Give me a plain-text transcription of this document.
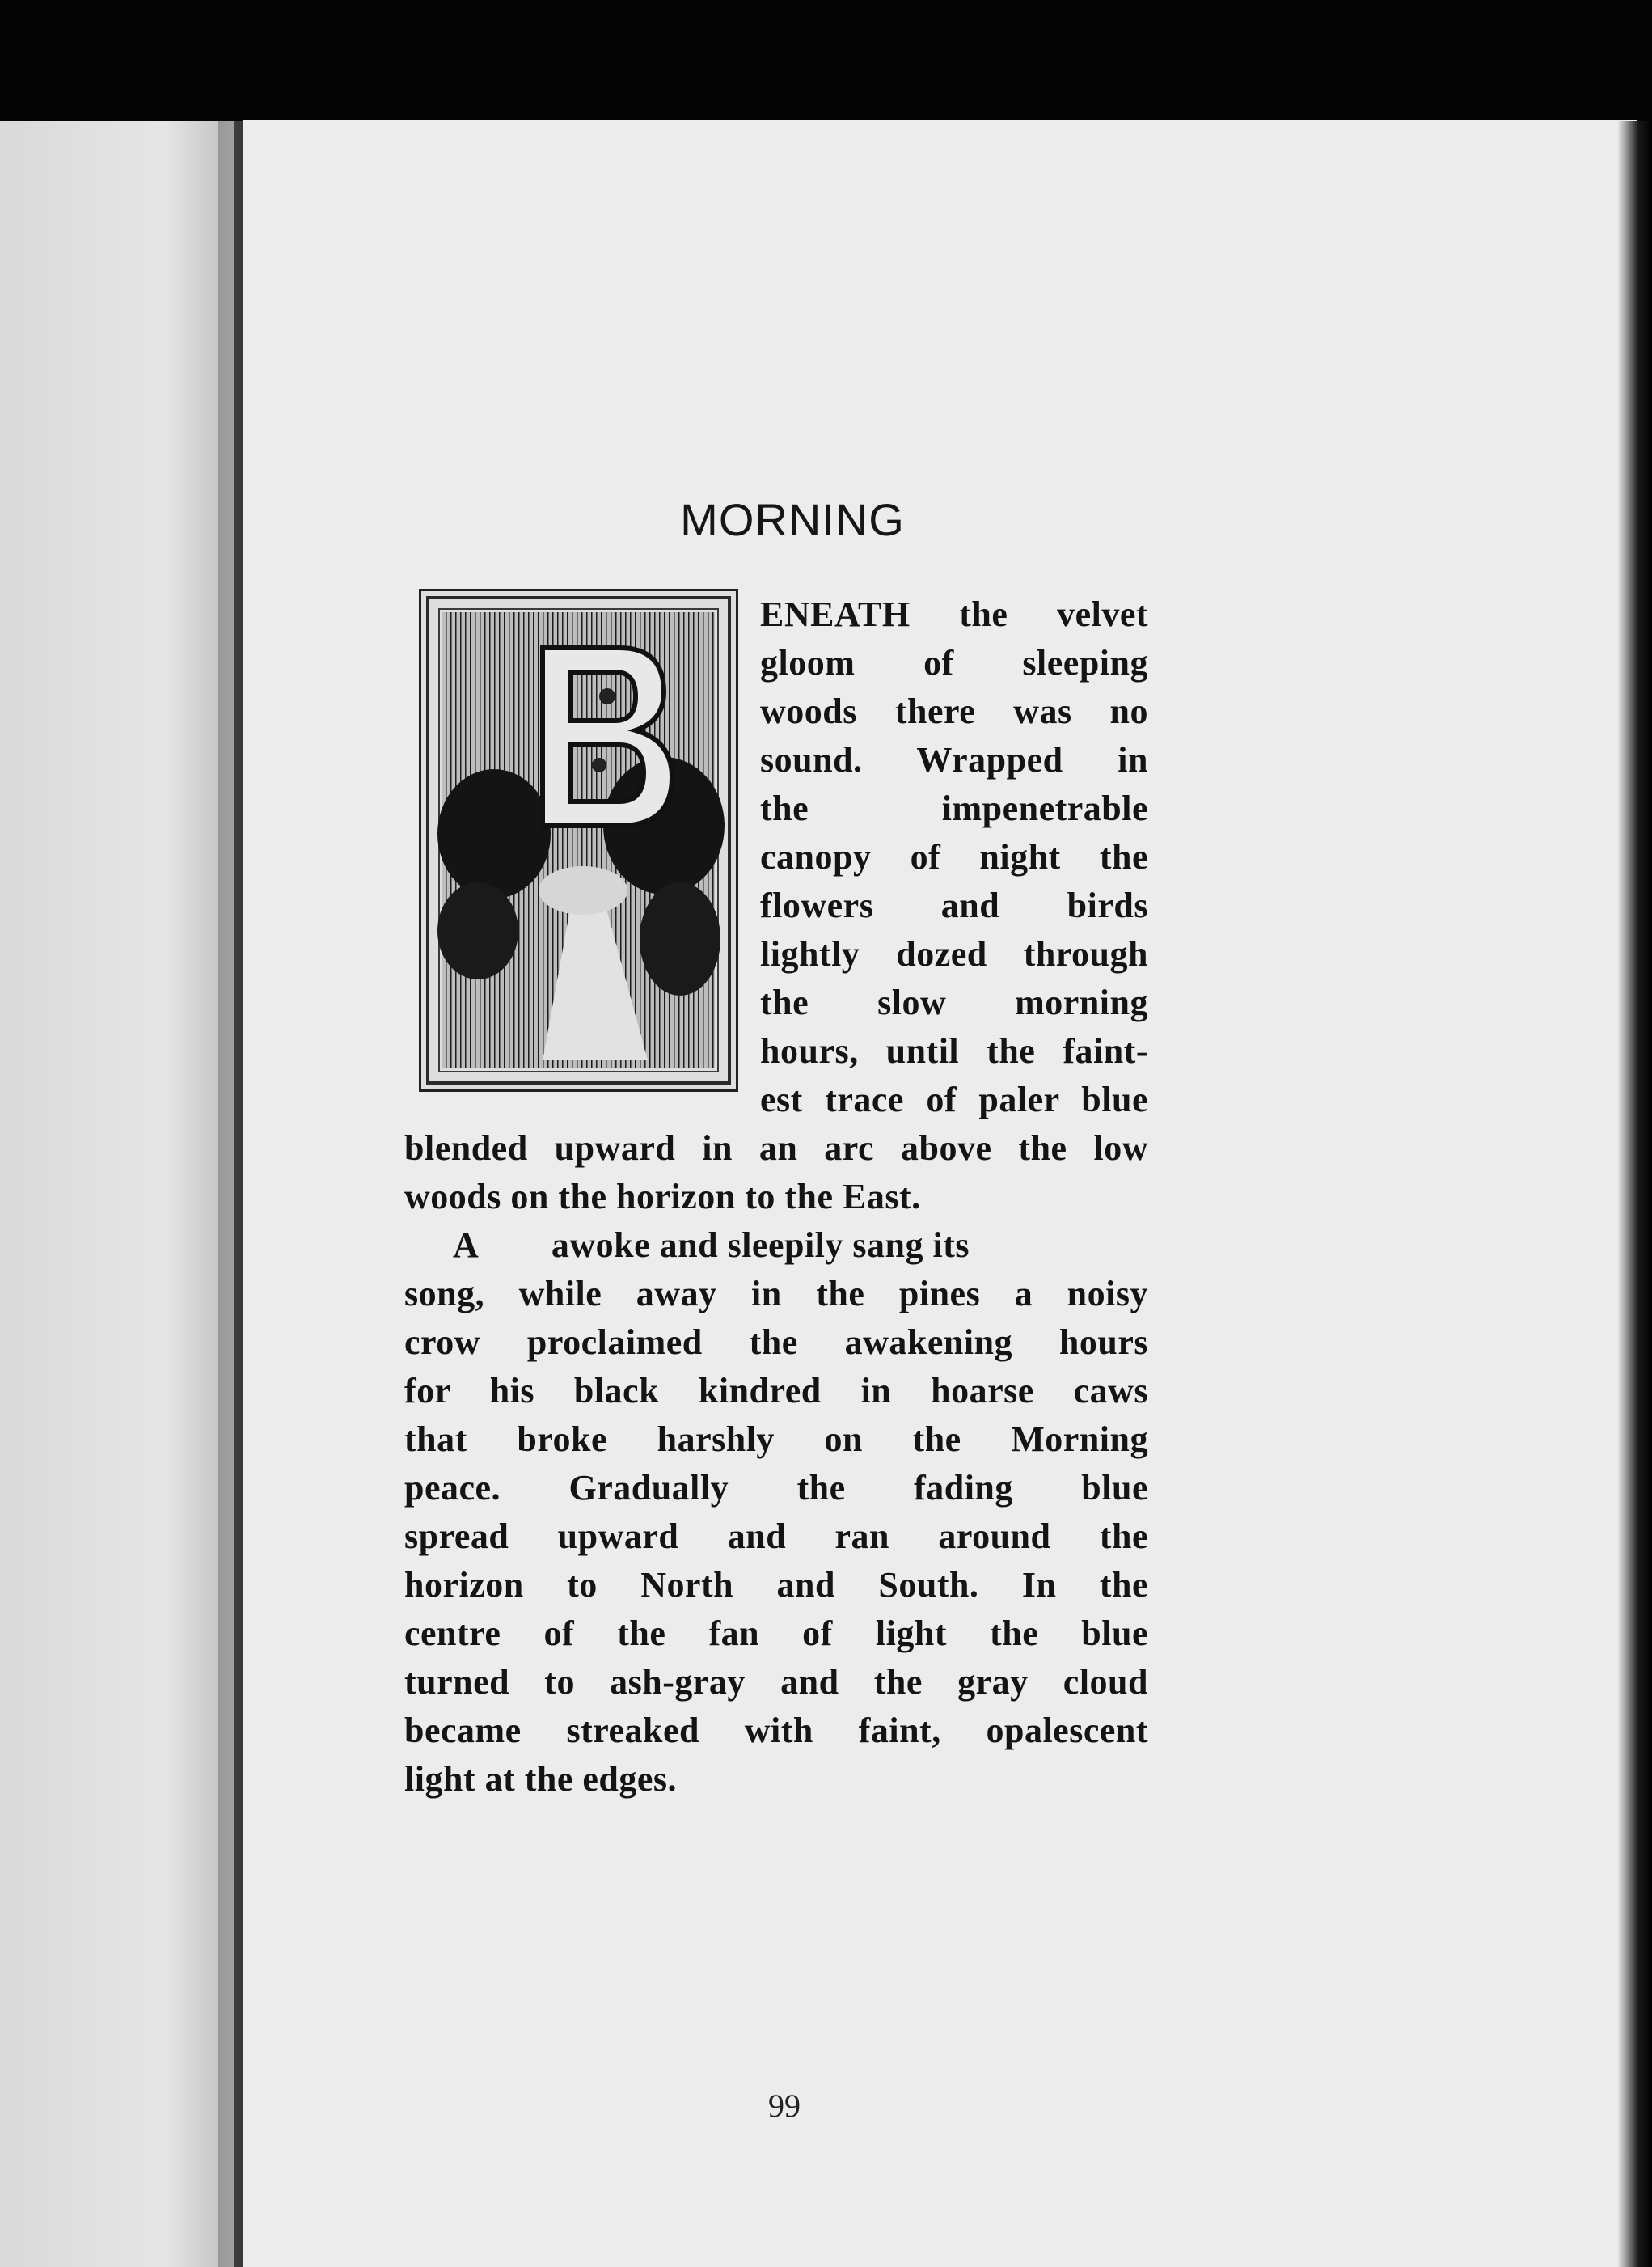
MORNING
ENEATH the velvet
gloom of sleeping
woods there was no
sound. Wrapped in
the impenetrable
canopy of night the
flowers and birds
lightly dozed through
the slow morning
hours, until the faint-
est trace of paler blue
blended upward in an arc above the low
woods on the horizon to the East.
A        awoke and sleepily sang its
song, while away in the pines a noisy
crow proclaimed the awakening hours
for his black kindred in hoarse caws
that broke harshly on the Morning
peace. Gradually the fading blue
spread upward and ran around the
horizon to North and South. In the
centre of the fan of light the blue
turned to ash-gray and the gray cloud
became streaked with faint, opalescent
light at the edges.
99
